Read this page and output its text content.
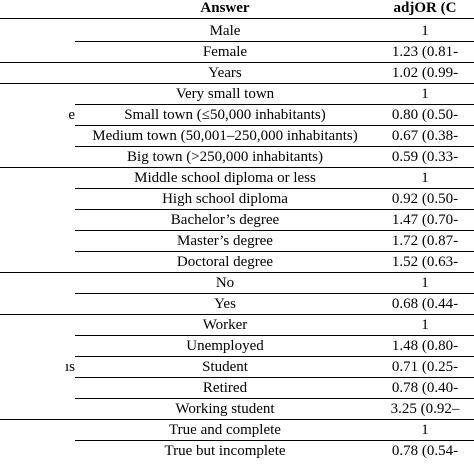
Answer	adjOR (C
Male	1
Female	1.23 (0.81-
Years	1.02 (0.99-
Very small town	1
e	Small town (≤50,000 inhabitants)	0.80 (0.50-
Medium town (50,001–250,000 inhabitants)	0.67 (0.38-
Big town (>250,000 inhabitants)	0.59 (0.33-
Middle school diploma or less	1
High school diploma	0.92 (0.50-
Bachelor’s degree	1.47 (0.70-
Master’s degree	1.72 (0.87-
Doctoral degree	1.52 (0.63-
No	1
Yes	0.68 (0.44-
Worker	1
Unemployed	1.48 (0.80-
ıs	Student	0.71 (0.25-
Retired	0.78 (0.40-
Working student	3.25 (0.92–
True and complete	1
True but incomplete	0.78 (0.54-
